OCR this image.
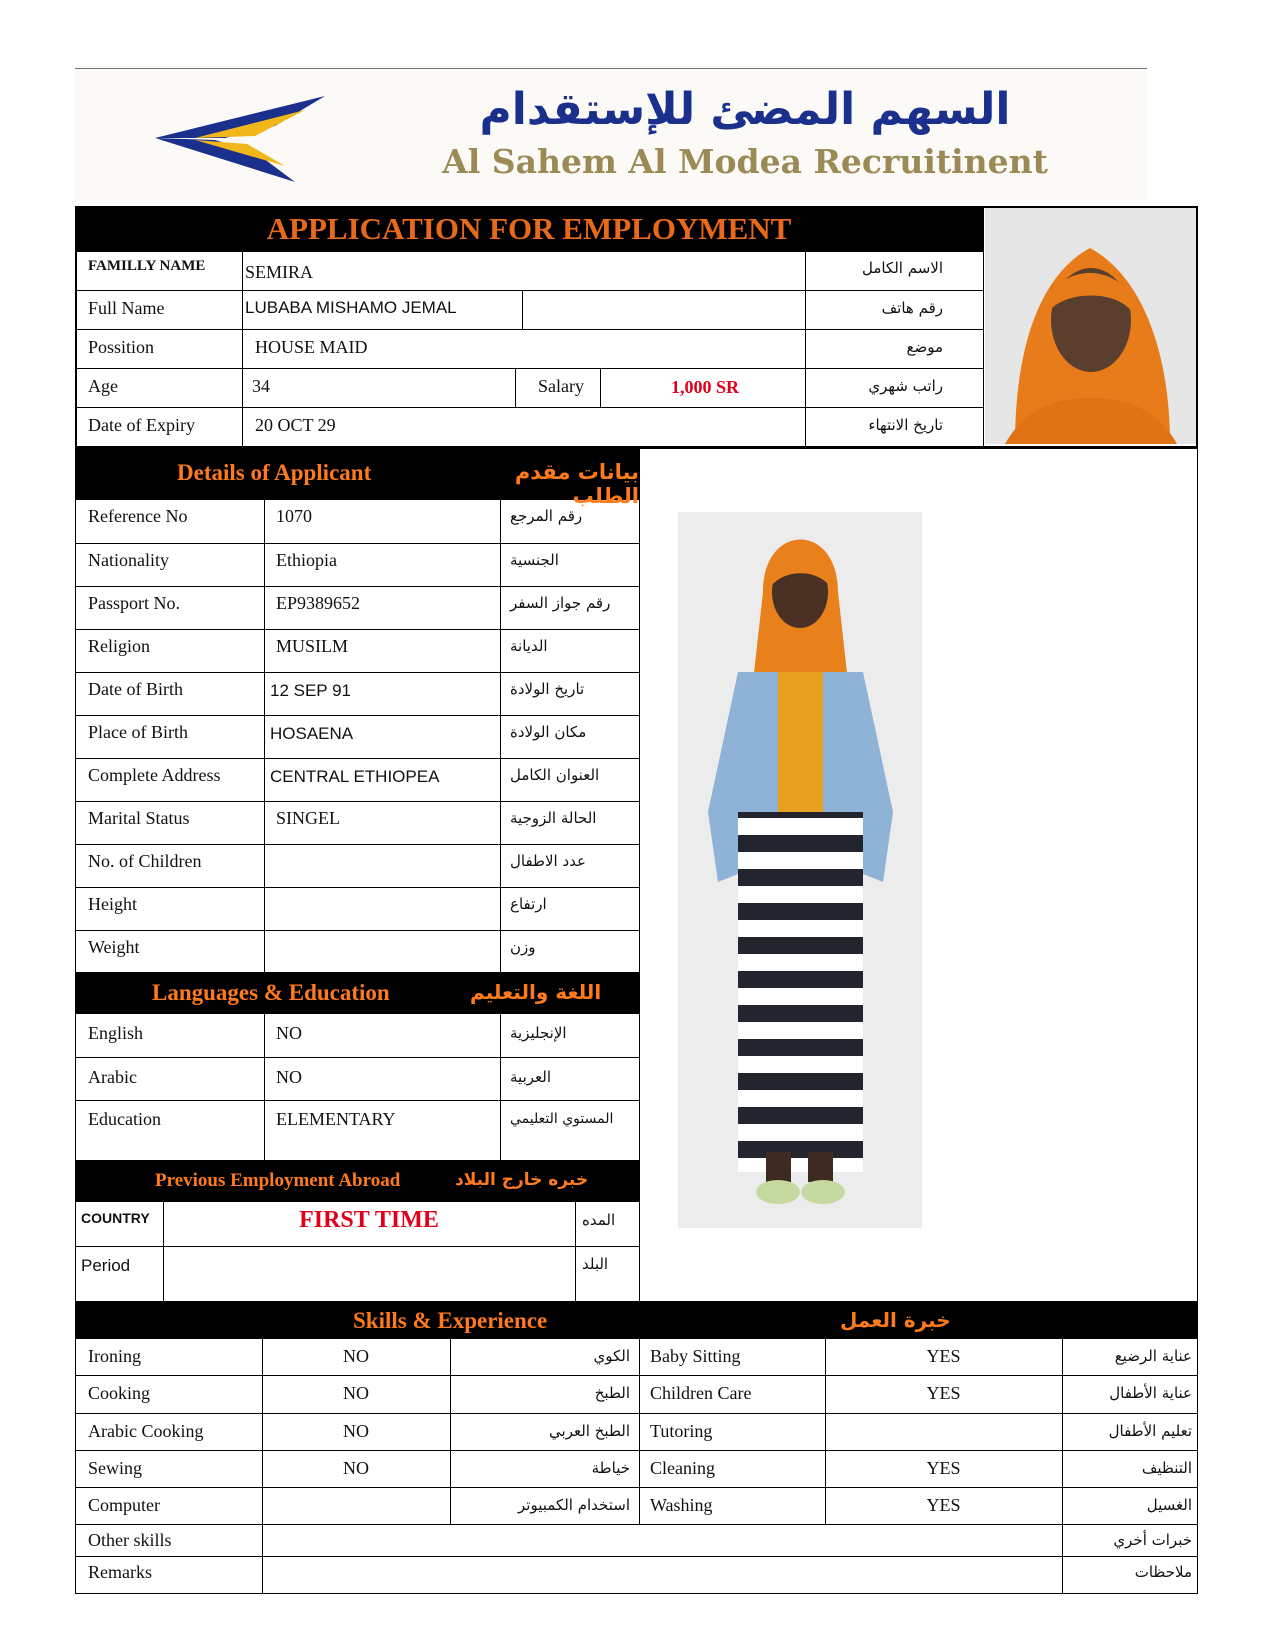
السهم المضئ للإستقدام
Al Sahem Al Modea Recruitinent
APPLICATION FOR EMPLOYMENT
FAMILLY NAME SEMIRA	الاسم الكامل
Full Name	LUBABA MISHAMO JEMAL	رقم هاتف
Possition	HOUSE MAID	موضع
Age	34	Salary	1,000 SR	راتب شهري
Date of Expiry	20 OCT 29	تاريخ الانتهاء
Details of Applicant	بيانات مقدم الطلب
Reference No	1070	رقم المرجع
Nationality	Ethiopia	الجنسية
Passport No.	EP9389652	رقم جواز السفر
Religion	MUSILM	الديانة
Date of Birth	12 SEP 91	تاريخ الولادة
Place of Birth	HOSAENA	مكان الولادة
Complete Address	CENTRAL ETHIOPEA	العنوان الكامل
Marital Status	SINGEL	الحالة الزوجية
No. of Children	عدد الاطفال
Height	ارتفاع
Weight	وزن
Languages & Education	اللغة والتعليم
English	NO	الإنجليزية
Arabic	NO	العربية
Education	ELEMENTARY	المستوي التعليمي
Previous Employment Abroad	خبره خارج البلاد
COUNTRY	FIRST TIME	المده
Period	البلد
Skills & Experience	خبرة العمل
Ironing	NO	الكوي Baby Sitting	YES	عناية الرضيع
Cooking	NO	الطبخ Children Care	YES	عناية الأطفال
Arabic Cooking	NO	الطبخ العربي Tutoring	تعليم الأطفال
Sewing	NO	خياطة Cleaning	YES	التنظيف
Computer	استخدام الكمبيوتر Washing	YES	الغسيل
Other skills	خبرات أخري
Remarks	ملاحظات
